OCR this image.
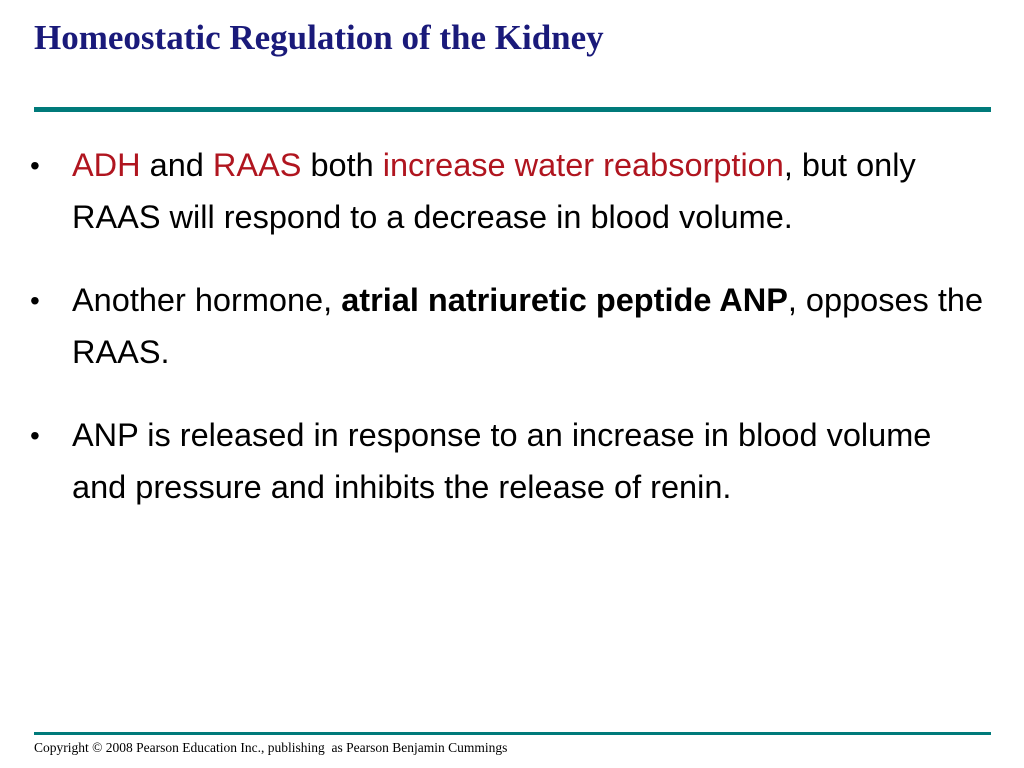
Homeostatic Regulation of the Kidney
• ADH and RAAS both increase water reabsorption, but only RAAS will respond to a decrease in blood volume.
• Another hormone, atrial natriuretic peptide ANP, opposes the RAAS.
• ANP is released in response to an increase in blood volume and pressure and inhibits the release of renin.
Copyright © 2008 Pearson Education Inc., publishing  as Pearson Benjamin Cummings
